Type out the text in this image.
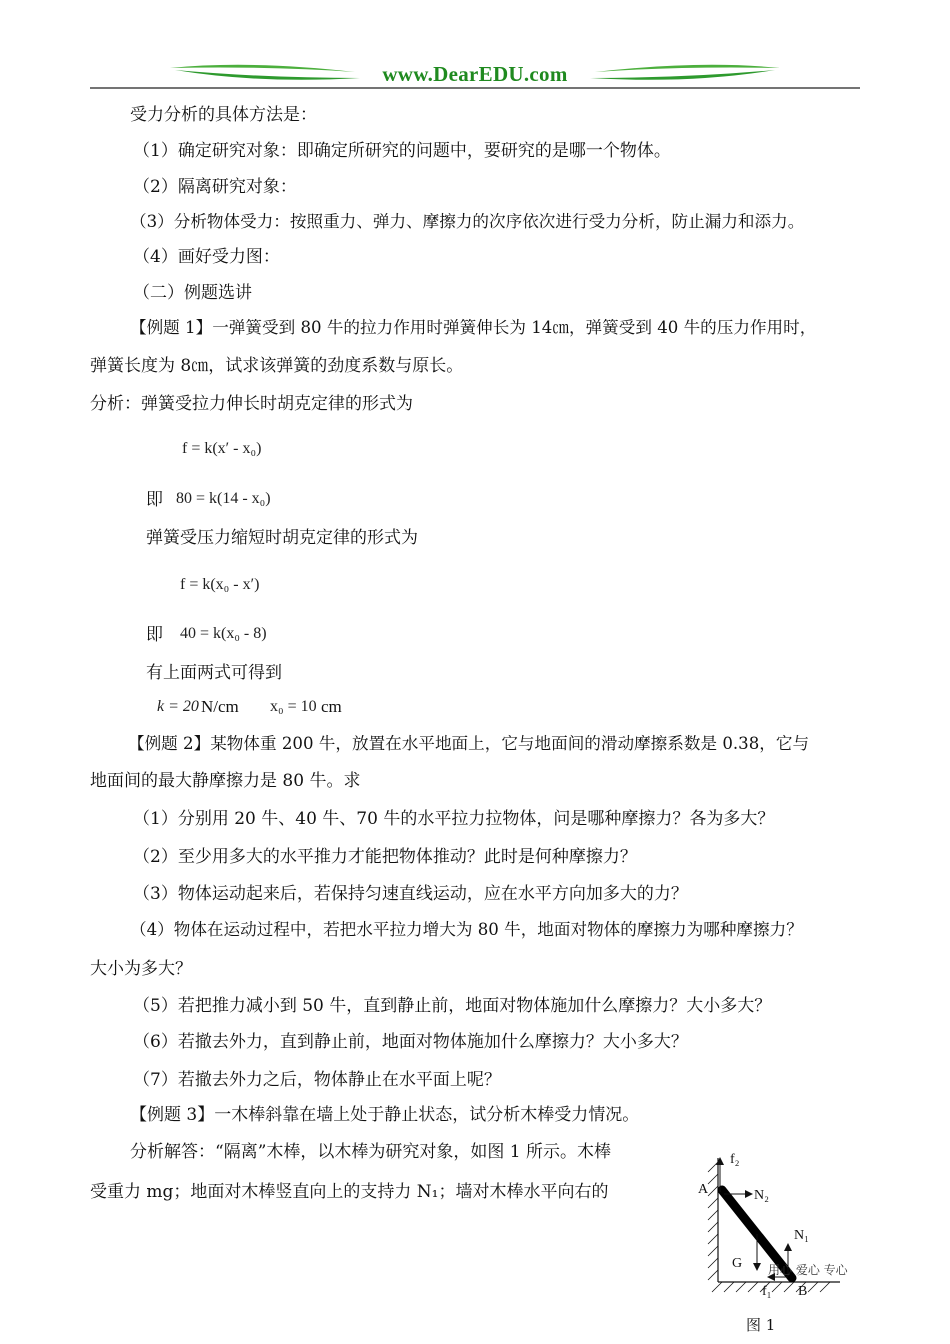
www.DearEDU.com
受力分析的具体方法是：
（1）确定研究对象：即确定所研究的问题中，要研究的是哪一个物体。
（2）隔离研究对象：
（3）分析物体受力：按照重力、弹力、摩擦力的次序依次进行受力分析，防止漏力和添力。
（4）画好受力图：
（二）例题选讲
【例题 1】一弹簧受到 80 牛的拉力作用时弹簧伸长为 14㎝，弹簧受到 40 牛的压力作用时，
弹簧长度为 8㎝，试求该弹簧的劲度系数与原长。
分析：弹簧受拉力伸长时胡克定律的形式为
f = k(x′ - x₀)
即 80 = k(14 - x₀)
弹簧受压力缩短时胡克定律的形式为
f = k(x₀ - x′)
即 40 = k(x₀ - 8)
有上面两式可得到
k = 20 N/cm x₀ = 10 cm
【例题 2】某物体重 200 牛，放置在水平地面上，它与地面间的滑动摩擦系数是 0.38，它与
地面间的最大静摩擦力是 80 牛。求
（1）分别用 20 牛、40 牛、70 牛的水平拉力拉物体，问是哪种摩擦力？各为多大？
（2）至少用多大的水平推力才能把物体推动？此时是何种摩擦力？
（3）物体运动起来后，若保持匀速直线运动，应在水平方向加多大的力？
（4）物体在运动过程中，若把水平拉力增大为 80 牛，地面对物体的摩擦力为哪种摩擦力？
大小为多大？
（5）若把推力减小到 50 牛，直到静止前，地面对物体施加什么摩擦力？大小多大？
（6）若撤去外力，直到静止前，地面对物体施加什么摩擦力？大小多大？
（7）若撤去外力之后，物体静止在水平面上呢？
【例题 3】一木棒斜靠在墙上处于静止状态，试分析木棒受力情况。
分析解答：“隔离”木棒，以木棒为研究对象，如图 1 所示。木棒
受重力 mg；地面对木棒竖直向上的支持力 N₁；墙对木棒水平向右的
f₂
A	N₂
N₁
G
f₁ B
用心 爱心 专心
图 1
